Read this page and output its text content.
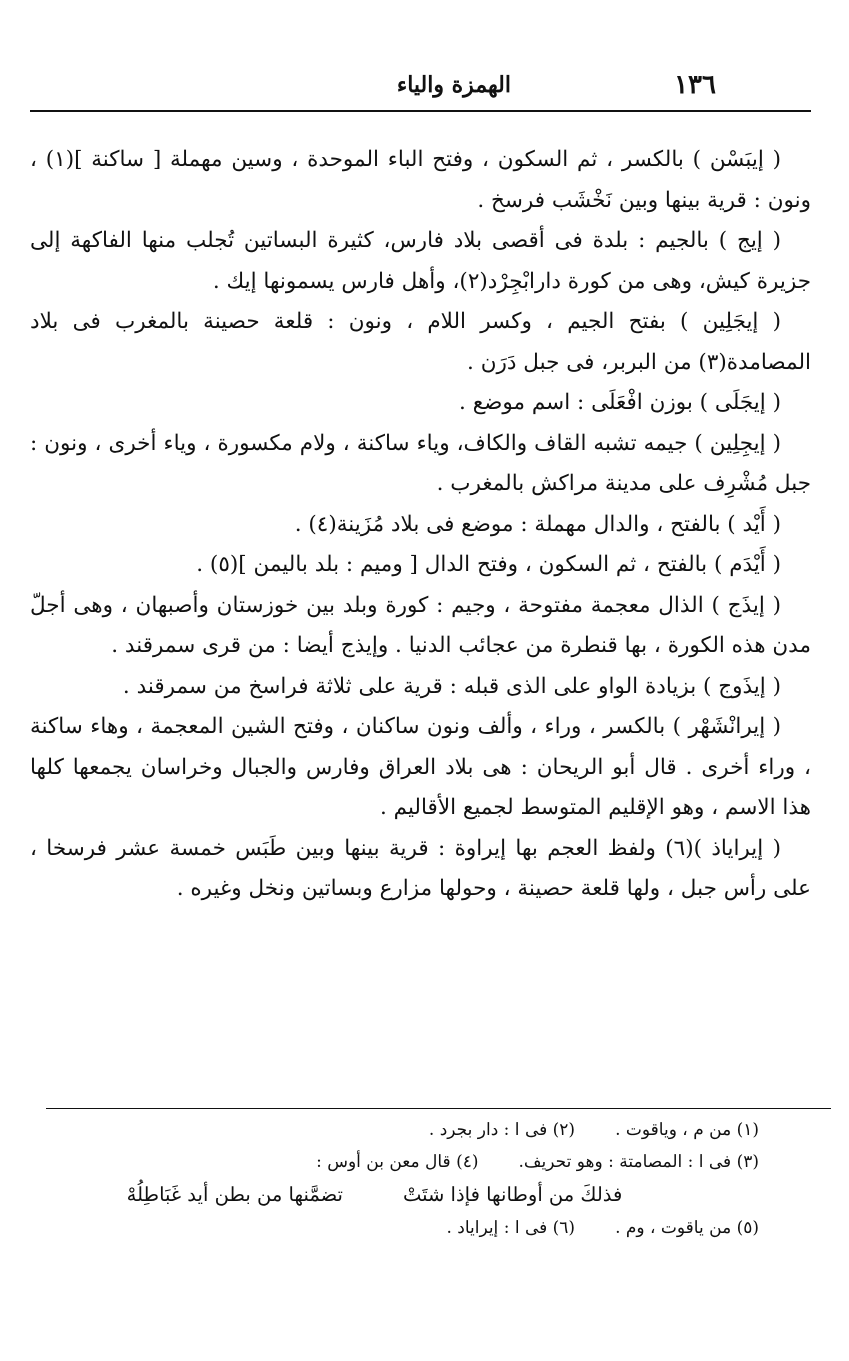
١٣٦
الهمزة والياء

( إيبَسْن ) بالكسر ، ثم السكون ، وفتح الباء الموحدة ، وسين مهملة [ ساكنة ](١) ، ونون : قرية بينها وبين نَخْشَب فرسخ .

( إيج ) بالجيم : بلدة فى أقصى بلاد فارس، كثيرة البساتين تُجلب منها الفاكهة إلى جزيرة كيش، وهى من كورة دارابْجِرْد(٢)، وأهل فارس يسمونها إيك .

( إيجَلِين ) بفتح الجيم ، وكسر اللام ، ونون : قلعة حصينة بالمغرب فى بلاد المصامدة(٣) من البربر، فى جبل دَرَن .

( إيجَلَى ) بوزن افْعَلَى : اسم موضع .

( إيجِلِين ) جيمه تشبه القاف والكاف، وياء ساكنة ، ولام مكسورة ، وياء أخرى ، ونون : جبل مُشْرِف على مدينة مراكش بالمغرب .

( أَيْد ) بالفتح ، والدال مهملة : موضع فى بلاد مُزَينة(٤) .

( أَيْدَم ) بالفتح ، ثم السكون ، وفتح الدال [ وميم : بلد باليمن ](٥) .

( إيذَج ) الذال معجمة مفتوحة ، وجيم : كورة وبلد بين خوزستان وأصبهان ، وهى أجلّ مدن هذه الكورة ، بها قنطرة من عجائب الدنيا . وإيذج أيضا : من قرى سمرقند .

( إيذَوج ) بزيادة الواو على الذى قبله : قرية على ثلاثة فراسخ من سمرقند .

( إيرانْشَهْر ) بالكسر ، وراء ، وألف ونون ساكنان ، وفتح الشين المعجمة ، وهاء ساكنة ، وراء أخرى . قال أبو الريحان : هى بلاد العراق وفارس والجبال وخراسان يجمعها كلها هذا الاسم ، وهو الإقليم المتوسط لجميع الأقاليم .

( إيراياذ )(٦) ولفظ العجم بها إيراوة : قرية بينها وبين طَبَس خمسة عشر فرسخا ، على رأس جبل ، ولها قلعة حصينة ، وحولها مزارع وبساتين ونخل وغيره .

(١) من م ، وياقوت .(٢) فى ا : دار بجرد .
(٣) فى ا : المصامتة : وهو تحريف.(٤) قال معن بن أوس :
فذلكَ من أوطانها فإذا شتَتْ
تضمَّنها من بطن أيد غَبَاطِلُهْ
(٥) من ياقوت ، وم .(٦) فى ا : إيراياد .
